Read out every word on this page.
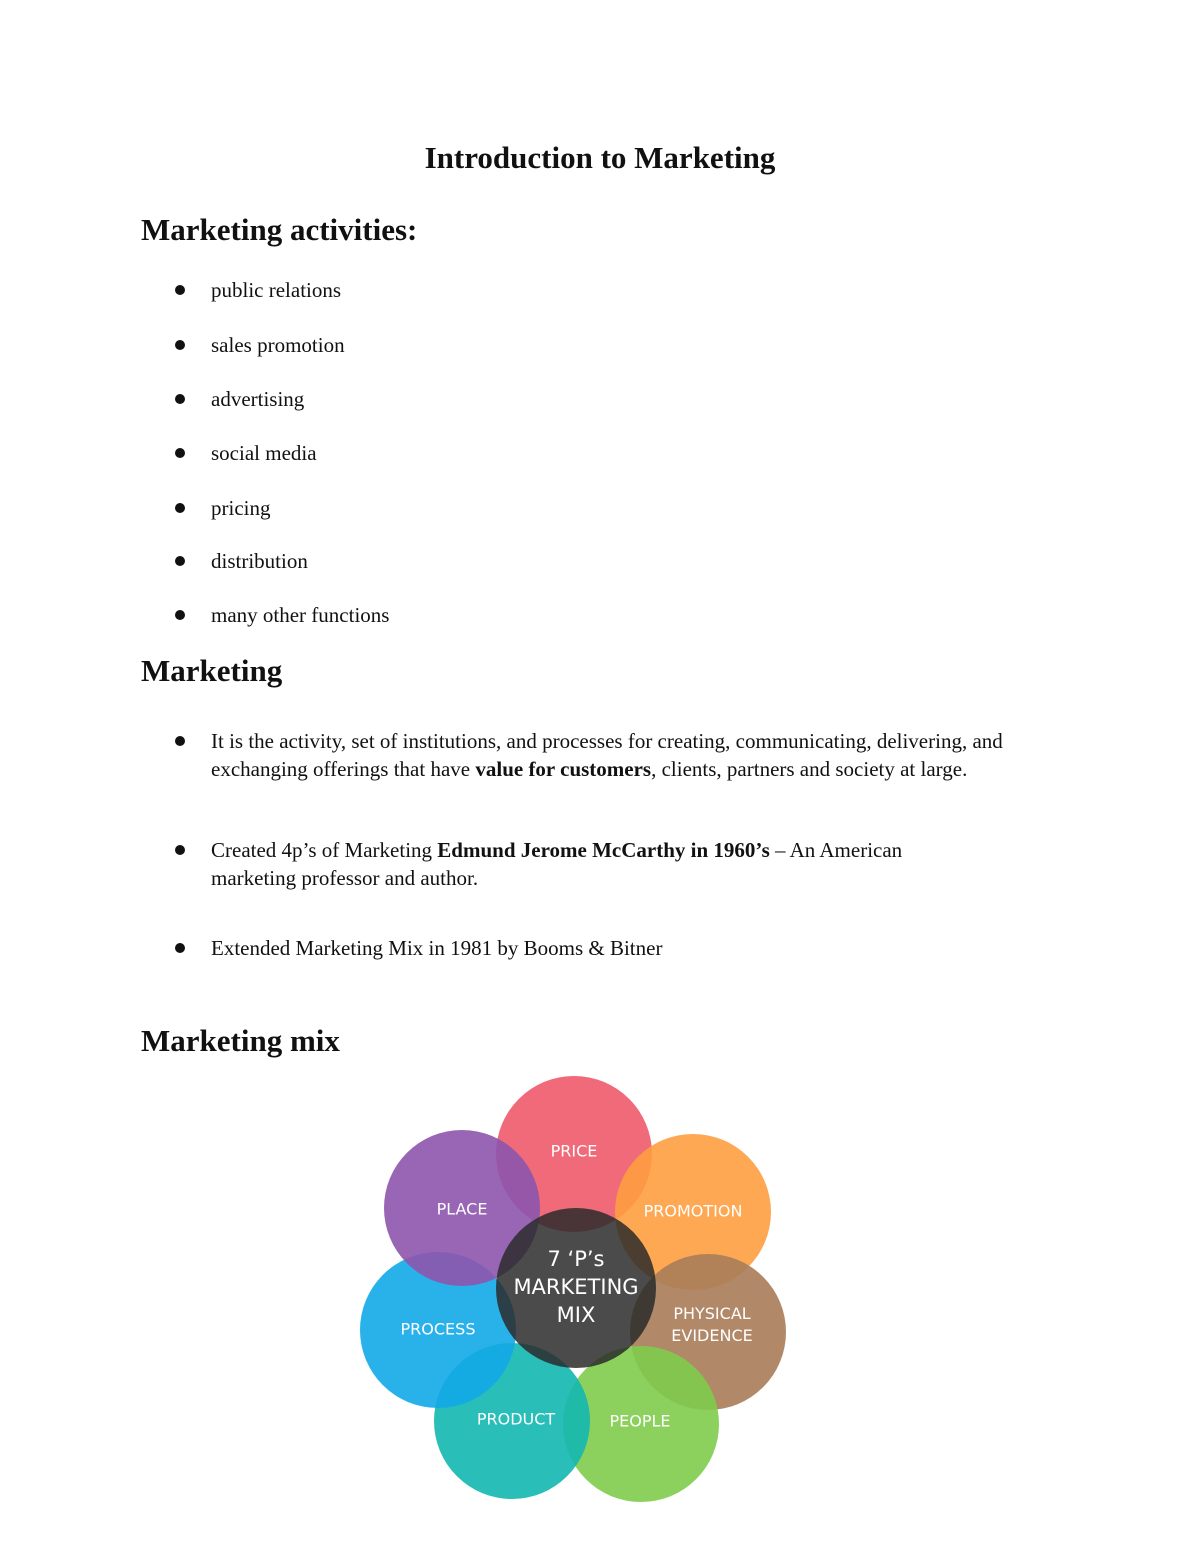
Introduction to Marketing
Marketing activities:
public relations
sales promotion
advertising
social media
pricing
distribution
many other functions
Marketing
It is the activity, set of institutions, and processes for creating, communicating, delivering, and exchanging offerings that have value for customers, clients, partners and society at large.
Created 4p’s of Marketing Edmund Jerome McCarthy in 1960’s – An American marketing professor and author.
Extended Marketing Mix in 1981 by Booms & Bitner
Marketing mix
7 ‘P’s MARKETING MIX
PRICE
PROMOTION
PHYSICAL EVIDENCE
PEOPLE
PRODUCT
PROCESS
PLACE
